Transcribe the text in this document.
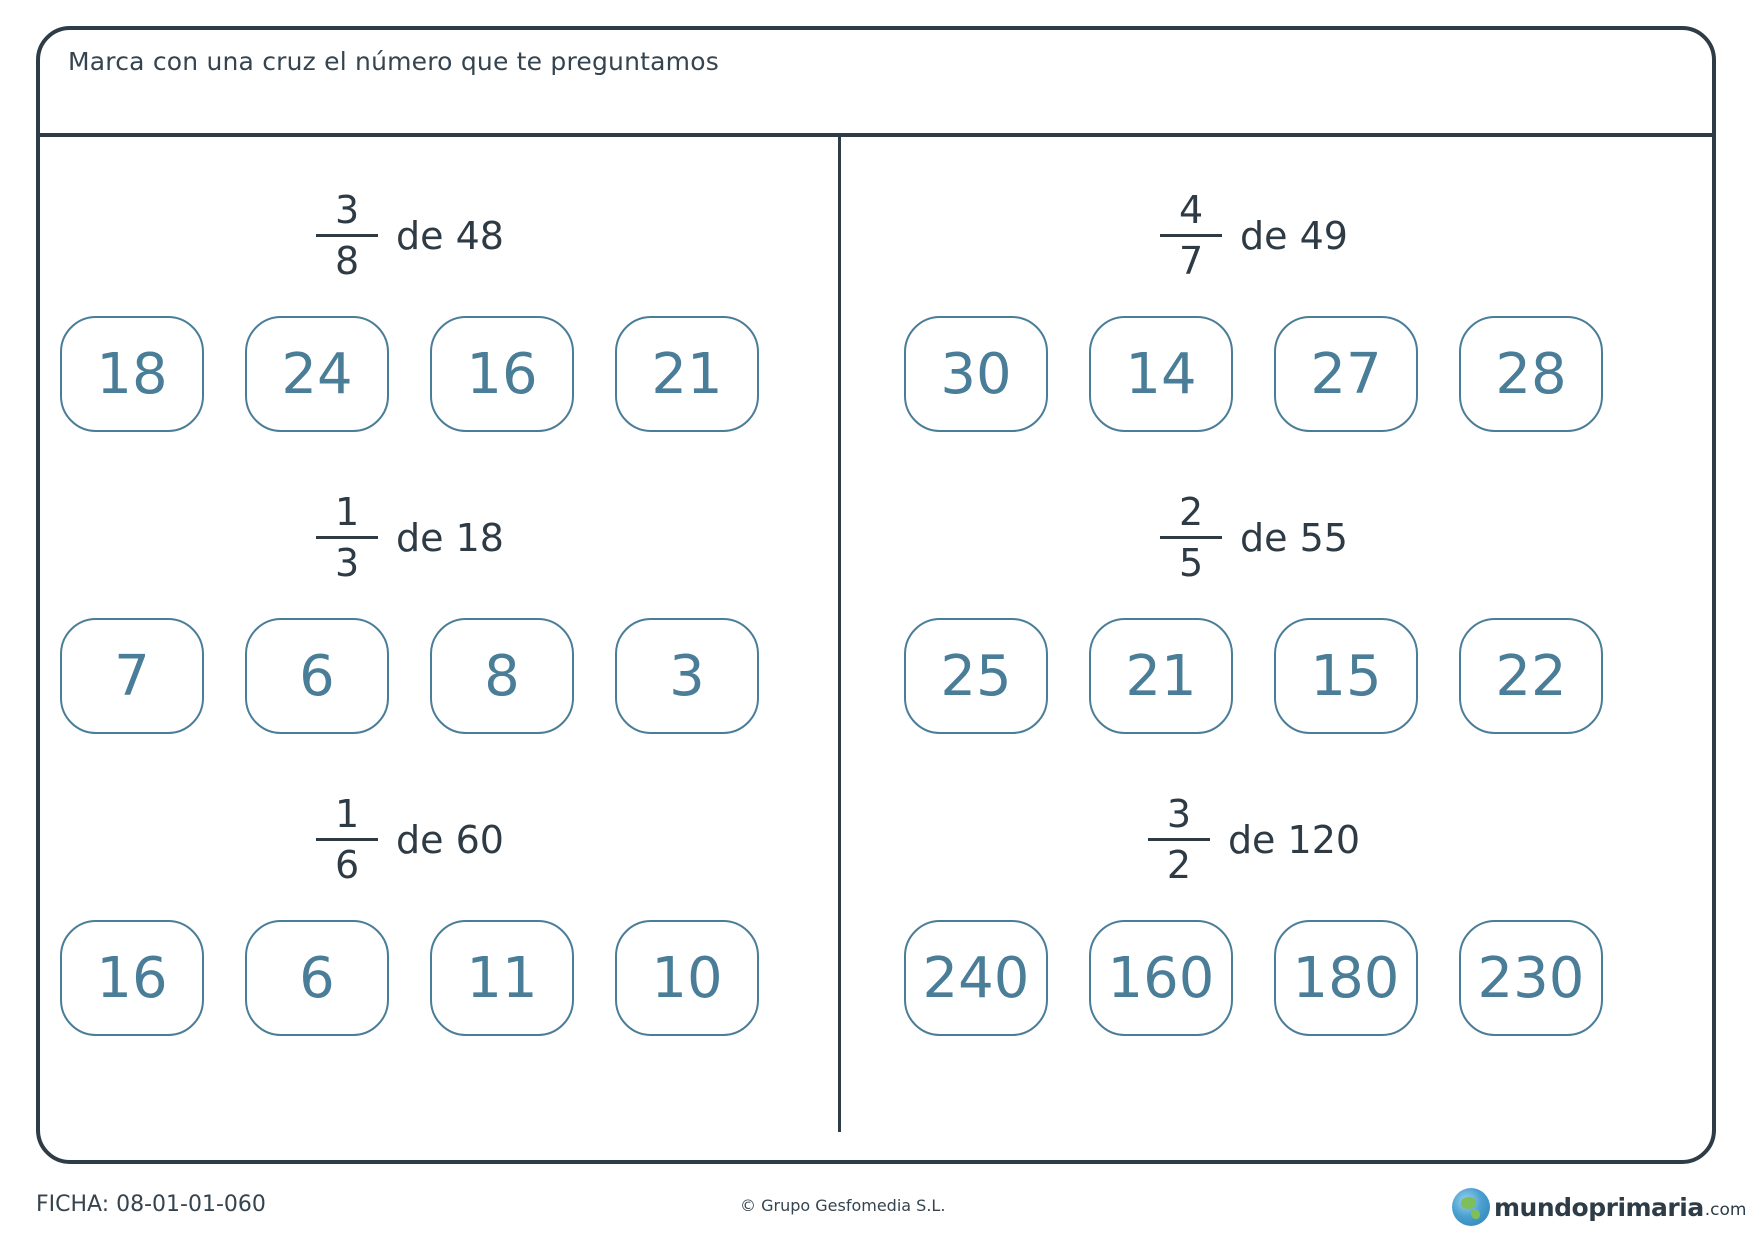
Marca con una cruz el número que te preguntamos
$\frac{3}{8}$ de 48
18	24	16	21
$\frac{1}{3}$ de 18
7	6	8	3
$\frac{1}{6}$ de 60
16	6	11	10
$\frac{4}{7}$ de 49
30	14	27	28
$\frac{2}{5}$ de 55
25	21	15	22
$\frac{3}{2}$ de 120
240	160	180	230
FICHA: 08-01-01-060	© Grupo Gesfomedia S.L.	mundoprimaria .com
